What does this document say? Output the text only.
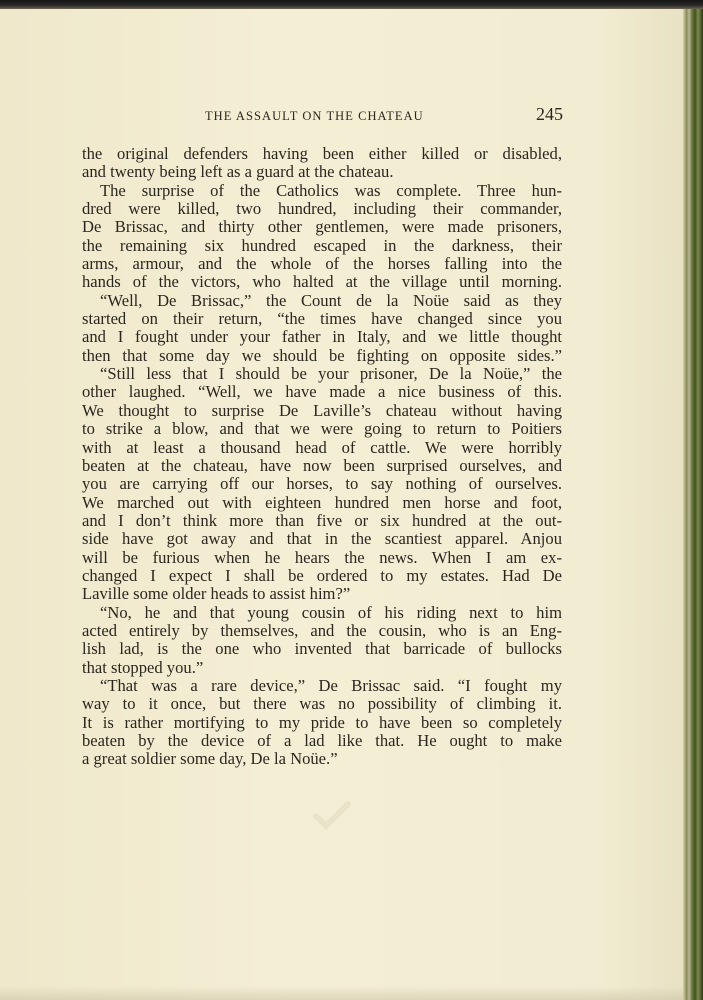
THE ASSAULT ON THE CHATEAU	245
the original defenders having been either killed or disabled,
and twenty being left as a guard at the chateau.
The surprise of the Catholics was complete. Three hun-
dred were killed, two hundred, including their commander,
De Brissac, and thirty other gentlemen, were made prisoners,
the remaining six hundred escaped in the darkness, their
arms, armour, and the whole of the horses falling into the
hands of the victors, who halted at the village until morning.
“Well, De Brissac,” the Count de la Noüe said as they
started on their return, “the times have changed since you
and I fought under your father in Italy, and we little thought
then that some day we should be fighting on opposite sides.”
“Still less that I should be your prisoner, De la Noüe,” the
other laughed. “Well, we have made a nice business of this.
We thought to surprise De Laville’s chateau without having
to strike a blow, and that we were going to return to Poitiers
with at least a thousand head of cattle. We were horribly
beaten at the chateau, have now been surprised ourselves, and
you are carrying off our horses, to say nothing of ourselves.
We marched out with eighteen hundred men horse and foot,
and I don’t think more than five or six hundred at the out-
side have got away and that in the scantiest apparel. Anjou
will be furious when he hears the news. When I am ex-
changed I expect I shall be ordered to my estates. Had De
Laville some older heads to assist him?”
“No, he and that young cousin of his riding next to him
acted entirely by themselves, and the cousin, who is an Eng-
lish lad, is the one who invented that barricade of bullocks
that stopped you.”
“That was a rare device,” De Brissac said. “I fought my
way to it once, but there was no possibility of climbing it.
It is rather mortifying to my pride to have been so completely
beaten by the device of a lad like that. He ought to make
a great soldier some day, De la Noüe.”
